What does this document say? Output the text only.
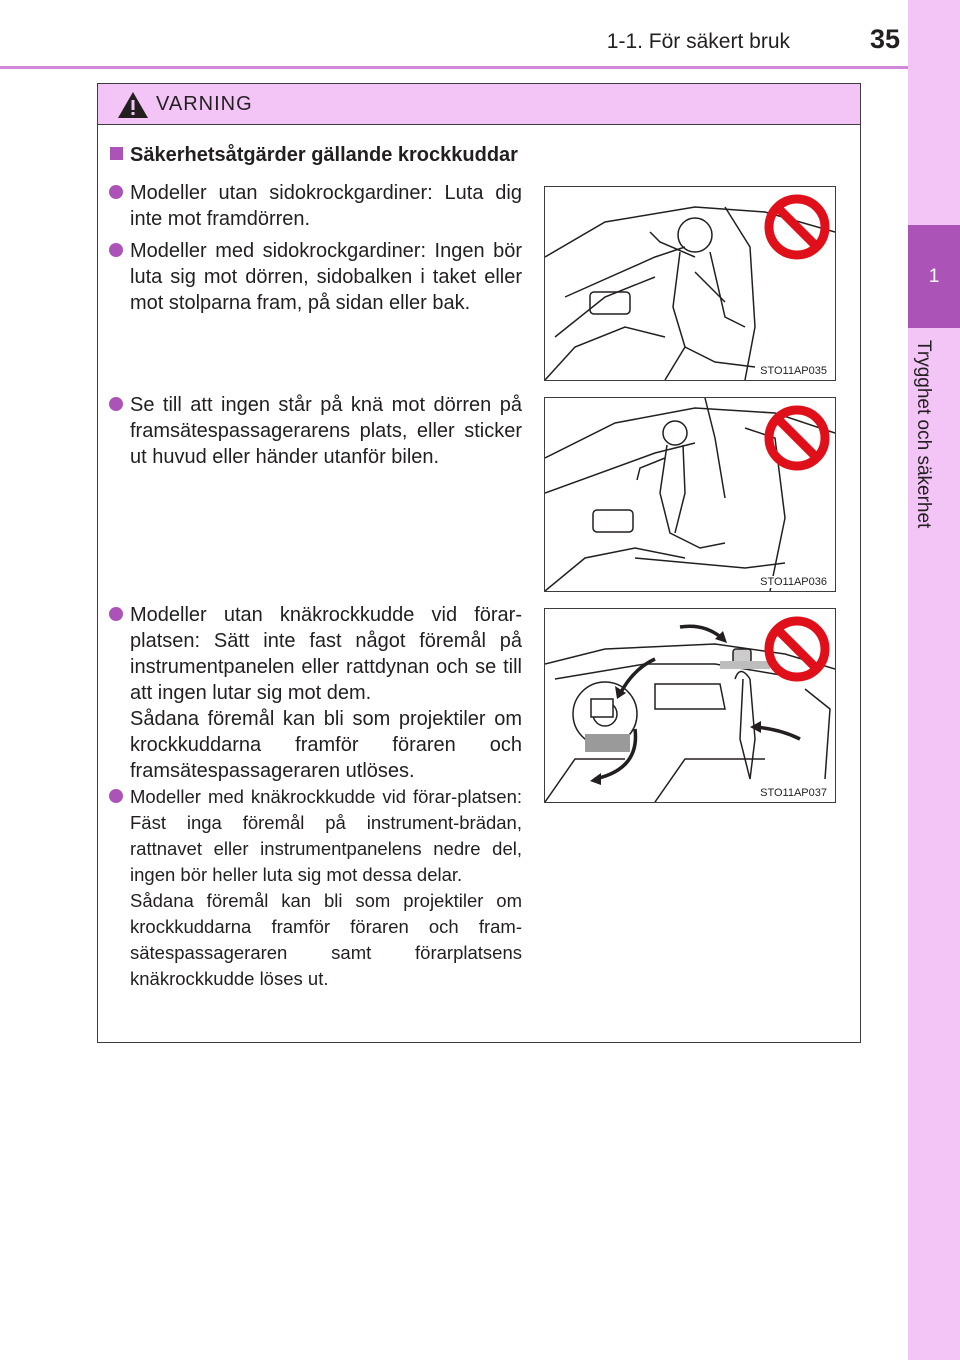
1-1. För säkert bruk	35
1
Trygghet och säkerhet
VARNING
Säkerhetsåtgärder gällande krockkuddar
Modeller utan sidokrockgardiner: Luta dig inte mot framdörren.
Modeller med sidokrockgardiner: Ingen bör luta sig mot dörren, sidobalken i taket eller mot stolparna fram, på sidan eller bak.
Se till att ingen står på knä mot dörren på framsätespassagerarens plats, eller sticker ut huvud eller händer utanför bilen.
Modeller utan knäkrockkudde vid förar-platsen: Sätt inte fast något föremål på instrumentpanelen eller rattdynan och se till att ingen lutar sig mot dem.
Sådana föremål kan bli som projektiler om krockkuddarna framför föraren och framsätespassageraren utlöses.
Modeller med knäkrockkudde vid förar-platsen: Fäst inga föremål på instrument-brädan, rattnavet eller instrumentpanelens nedre del, ingen bör heller luta sig mot dessa delar.
Sådana föremål kan bli som projektiler om krockkuddarna framför föraren och fram-sätespassageraren samt förarplatsens knäkrockkudde löses ut.
STO11AP035
STO11AP036
STO11AP037
